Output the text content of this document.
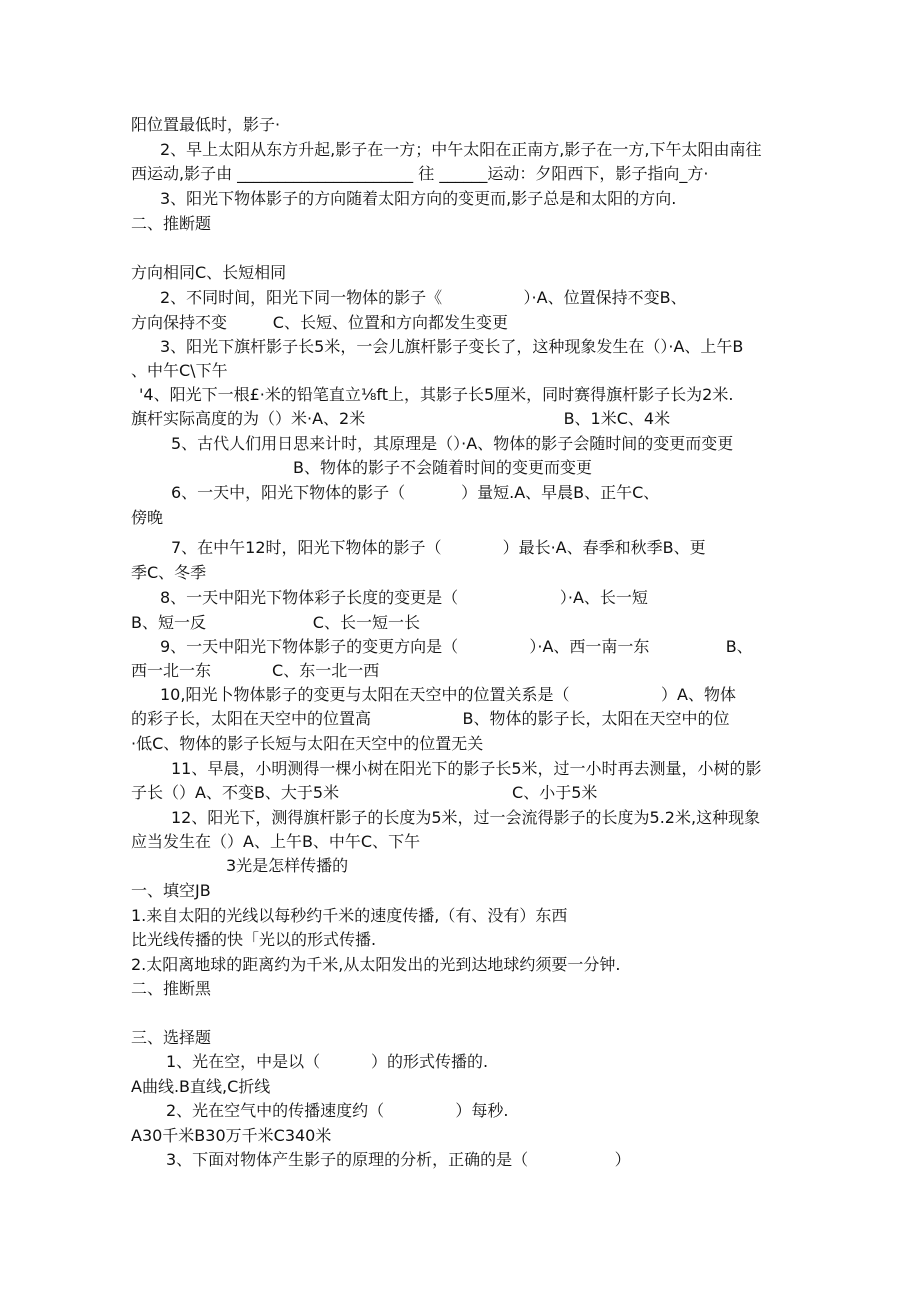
阳位置最低时，影子·
2、早上太阳从东方升起,影子在一方；中午太阳在正南方,影子在一方,下午太阳由南往
西运动,影子由 ______________________ 往 ______运动：夕阳西下，影子指向_方·
3、阳光下物体影子的方向随着太阳方向的变更而,影子总是和太阳的方向.
二、推断题
方向相同C、长短相同
2、不同时间，阳光下同一物体的影子《                ）·A、位置保持不变B、
方向保持不变         C、长短、位置和方向都发生变更
3、阳光下旗杆影子长5米，一会儿旗杆影子变长了，这种现象发生在（）·A、上午B
、中午C\下午
'4、阳光下一根£·米的铅笔直立⅛ft上，其影子长5厘米，同时赛得旗杆影子长为2米.
旗杆实际高度的为（）米·A、2米                                       B、1米C、4米
5、古代人们用日思来计时，其原理是（）·A、物体的影子会随时间的变更而变更
B、物体的影子不会随着时间的变更而变更
6、一天中，阳光下物体的影子（           ）量短.A、早晨B、正午C、
傍晚
7、在中午12时，阳光下物体的影子（            ）最长·A、春季和秋季B、更
季C、冬季
8、一天中阳光下物体彩子长度的变更是（                    ）·A、长一短
B、短一反                     C、长一短一长
9、一天中阳光下物体影子的变更方向是（              ）·A、西一南一东               B、
西一北一东            C、东一北一西
10,阳光卜物体影子的变更与太阳在天空中的位置关系是（                  ）A、物体
的彩子长，太阳在天空中的位置高                  B、物体的影子长，太阳在天空中的位
·低C、物体的影子长短与太阳在天空中的位置无关
11、早晨，小明测得一棵小树在阳光下的影子长5米，过一小时再去测量，小树的影
子长（）A、不变B、大于5米                                  C、小于5米
12、阳光下，测得旗杆影子的长度为5米，过一会流得影子的长度为5.2米,这种现象
应当发生在（）A、上午B、中午C、下午
3光是怎样传播的
一、填空JB
1.来自太阳的光线以每秒约千米的速度传播,（有、没有）东西
比光线传播的快「光以的形式传播.
2.太阳离地球的距离约为千米,从太阳发出的光到达地球约须要一分钟.
二、推断黑
三、选择题
1、光在空，中是以（          ）的形式传播的.
A曲线.B直线,C折线
2、光在空气中的传播速度约（              ）每秒.
A30千米B30万千米C340米
3、下面对物体产生影子的原理的分析，正确的是（                 ）
